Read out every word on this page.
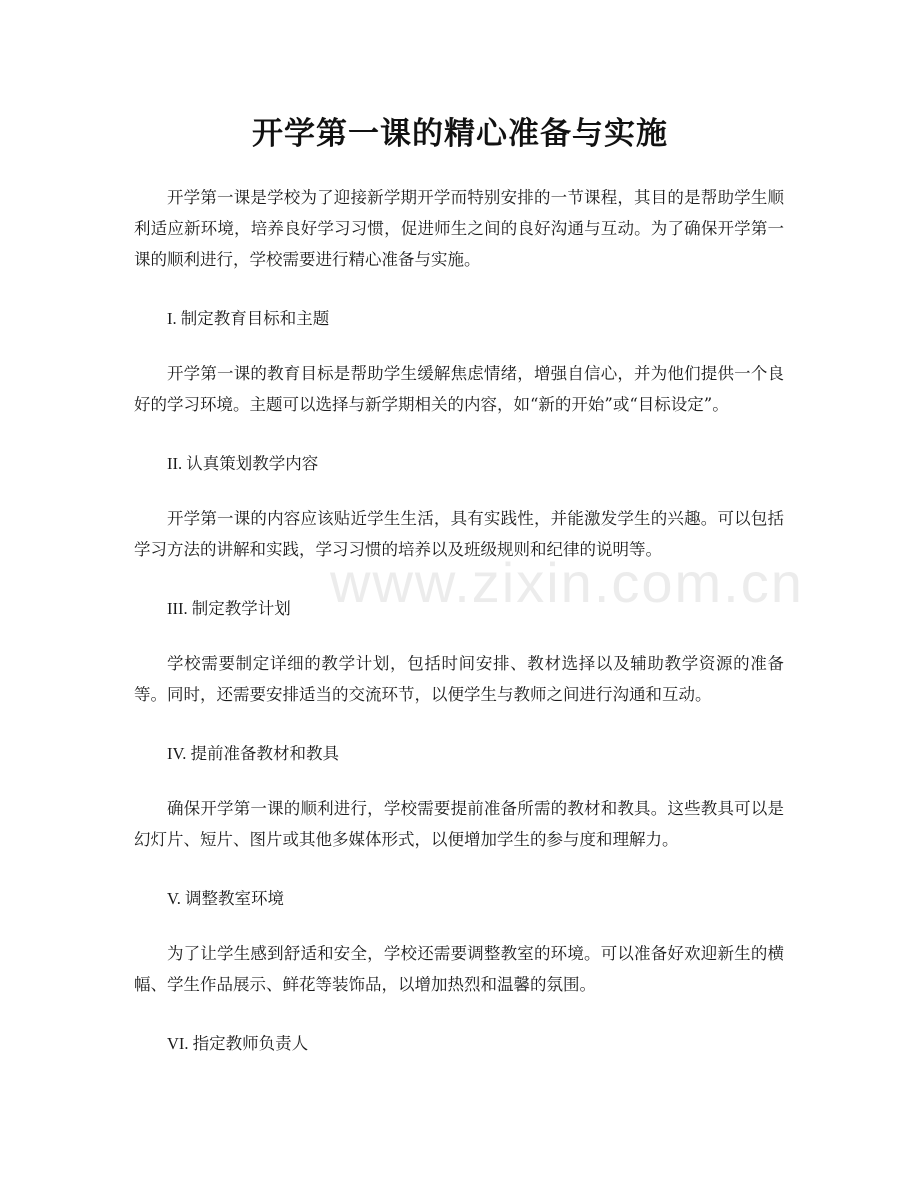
开学第一课的精心准备与实施

开学第一课是学校为了迎接新学期开学而特别安排的一节课程，其目的是帮助学生顺利适应新环境，培养良好学习习惯，促进师生之间的良好沟通与互动。为了确保开学第一课的顺利进行，学校需要进行精心准备与实施。

I. 制定教育目标和主题

开学第一课的教育目标是帮助学生缓解焦虑情绪，增强自信心，并为他们提供一个良好的学习环境。主题可以选择与新学期相关的内容，如“新的开始”或“目标设定”。

II. 认真策划教学内容

开学第一课的内容应该贴近学生生活，具有实践性，并能激发学生的兴趣。可以包括学习方法的讲解和实践，学习习惯的培养以及班级规则和纪律的说明等。

III. 制定教学计划

学校需要制定详细的教学计划，包括时间安排、教材选择以及辅助教学资源的准备等。同时，还需要安排适当的交流环节，以便学生与教师之间进行沟通和互动。

IV. 提前准备教材和教具

确保开学第一课的顺利进行，学校需要提前准备所需的教材和教具。这些教具可以是幻灯片、短片、图片或其他多媒体形式，以便增加学生的参与度和理解力。

V. 调整教室环境

为了让学生感到舒适和安全，学校还需要调整教室的环境。可以准备好欢迎新生的横幅、学生作品展示、鲜花等装饰品，以增加热烈和温馨的氛围。

VI. 指定教师负责人
www.zixin.com.cn
